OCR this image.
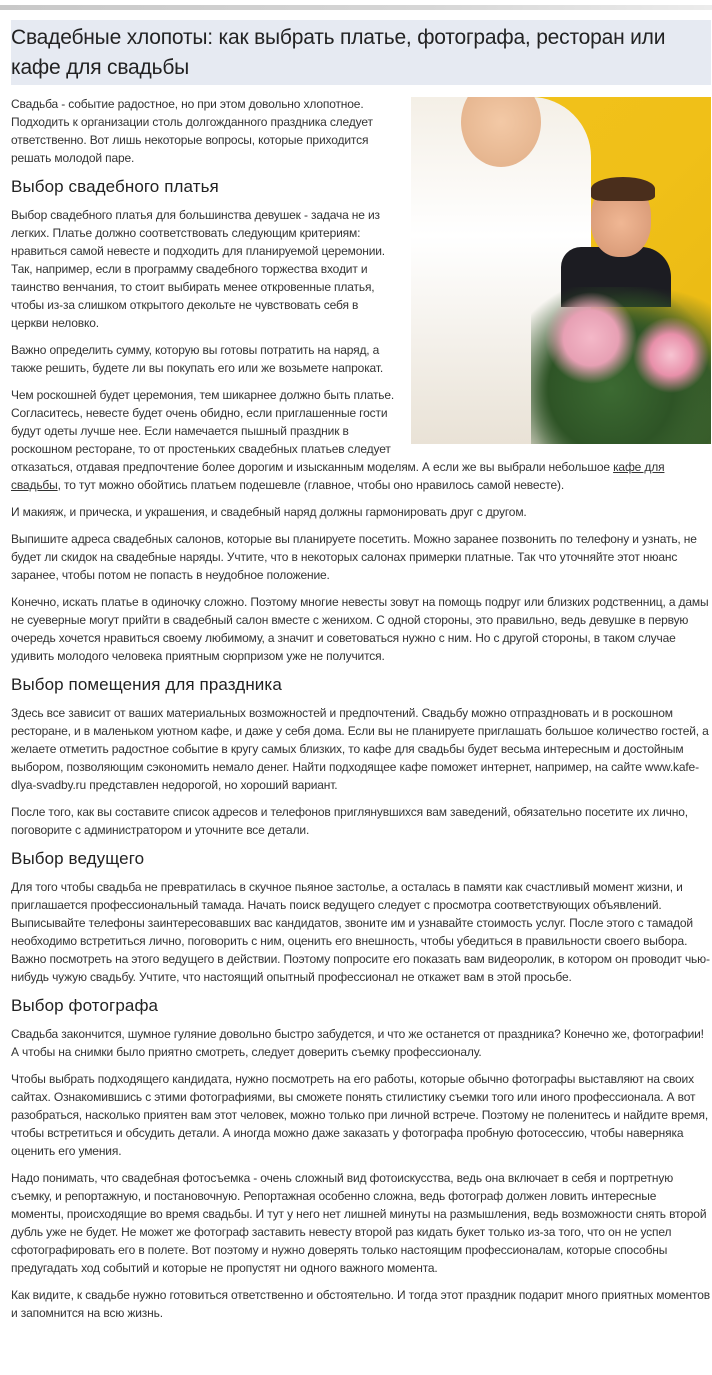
Свадебные хлопоты: как выбрать платье, фотографа, ресторан или кафе для свадьбы

Свадьба - событие радостное, но при этом довольно хлопотное. Подходить к организации столь долгожданного праздника следует ответственно. Вот лишь некоторые вопросы, которые приходится решать молодой паре.

Выбор свадебного платья

Выбор свадебного платья для большинства девушек - задача не из легких. Платье должно соответствовать следующим критериям: нравиться самой невесте и подходить для планируемой церемонии. Так, например, если в программу свадебного торжества входит и таинство венчания, то стоит выбирать менее откровенные платья, чтобы из-за слишком открытого декольте не чувствовать себя в церкви неловко.

Важно определить сумму, которую вы готовы потратить на наряд, а также решить, будете ли вы покупать его или же возьмете напрокат.

Чем роскошней будет церемония, тем шикарнее должно быть платье. Согласитесь, невесте будет очень обидно, если приглашенные гости будут одеты лучше нее. Если намечается пышный праздник в роскошном ресторане, то от простеньких свадебных платьев следует отказаться, отдавая предпочтение более дорогим и изысканным моделям. А если же вы выбрали небольшое кафе для свадьбы, то тут можно обойтись платьем подешевле (главное, чтобы оно нравилось самой невесте).

И макияж, и прическа, и украшения, и свадебный наряд должны гармонировать друг с другом.

Выпишите адреса свадебных салонов, которые вы планируете посетить. Можно заранее позвонить по телефону и узнать, не будет ли скидок на свадебные наряды. Учтите, что в некоторых салонах примерки платные. Так что уточняйте этот нюанс заранее, чтобы потом не попасть в неудобное положение.

Конечно, искать платье в одиночку сложно. Поэтому многие невесты зовут на помощь подруг или близких родственниц, а дамы не суеверные могут прийти в свадебный салон вместе с женихом. С одной стороны, это правильно, ведь девушке в первую очередь хочется нравиться своему любимому, а значит и советоваться нужно с ним. Но с другой стороны, в таком случае удивить молодого человека приятным сюрпризом уже не получится.

Выбор помещения для праздника

Здесь все зависит от ваших материальных возможностей и предпочтений. Свадьбу можно отпраздновать и в роскошном ресторане, и в маленьком уютном кафе, и даже у себя дома. Если вы не планируете приглашать большое количество гостей, а желаете отметить радостное событие в кругу самых близких, то кафе для свадьбы будет весьма интересным и достойным выбором, позволяющим сэкономить немало денег. Найти подходящее кафе поможет интернет, например, на сайте www.kafe-dlya-svadby.ru представлен недорогой, но хороший вариант.

После того, как вы составите список адресов и телефонов приглянувшихся вам заведений, обязательно посетите их лично, поговорите с администратором и уточните все детали.

Выбор ведущего

Для того чтобы свадьба не превратилась в скучное пьяное застолье, а осталась в памяти как счастливый момент жизни, и приглашается профессиональный тамада. Начать поиск ведущего следует с просмотра соответствующих объявлений. Выписывайте телефоны заинтересовавших вас кандидатов, звоните им и узнавайте стоимость услуг. После этого с тамадой необходимо встретиться лично, поговорить с ним, оценить его внешность, чтобы убедиться в правильности своего выбора. Важно посмотреть на этого ведущего в действии. Поэтому попросите его показать вам видеоролик, в котором он проводит чью-нибудь чужую свадьбу. Учтите, что настоящий опытный профессионал не откажет вам в этой просьбе.

Выбор фотографа

Свадьба закончится, шумное гуляние довольно быстро забудется, и что же останется от праздника? Конечно же, фотографии! А чтобы на снимки было приятно смотреть, следует доверить съемку профессионалу.

Чтобы выбрать подходящего кандидата, нужно посмотреть на его работы, которые обычно фотографы выставляют на своих сайтах. Ознакомившись с этими фотографиями, вы сможете понять стилистику съемки того или иного профессионала. А вот разобраться, насколько приятен вам этот человек, можно только при личной встрече. Поэтому не поленитесь и найдите время, чтобы встретиться и обсудить детали. А иногда можно даже заказать у фотографа пробную фотосессию, чтобы наверняка оценить его умения.

Надо понимать, что свадебная фотосъемка - очень сложный вид фотоискусства, ведь она включает в себя и портретную съемку, и репортажную, и постановочную. Репортажная особенно сложна, ведь фотограф должен ловить интересные моменты, происходящие во время свадьбы. И тут у него нет лишней минуты на размышления, ведь возможности снять второй дубль уже не будет. Не может же фотограф заставить невесту второй раз кидать букет только из-за того, что он не успел сфотографировать его в полете. Вот поэтому и нужно доверять только настоящим профессионалам, которые способны предугадать ход событий и которые не пропустят ни одного важного момента.

Как видите, к свадьбе нужно готовиться ответственно и обстоятельно. И тогда этот праздник подарит много приятных моментов и запомнится на всю жизнь.
